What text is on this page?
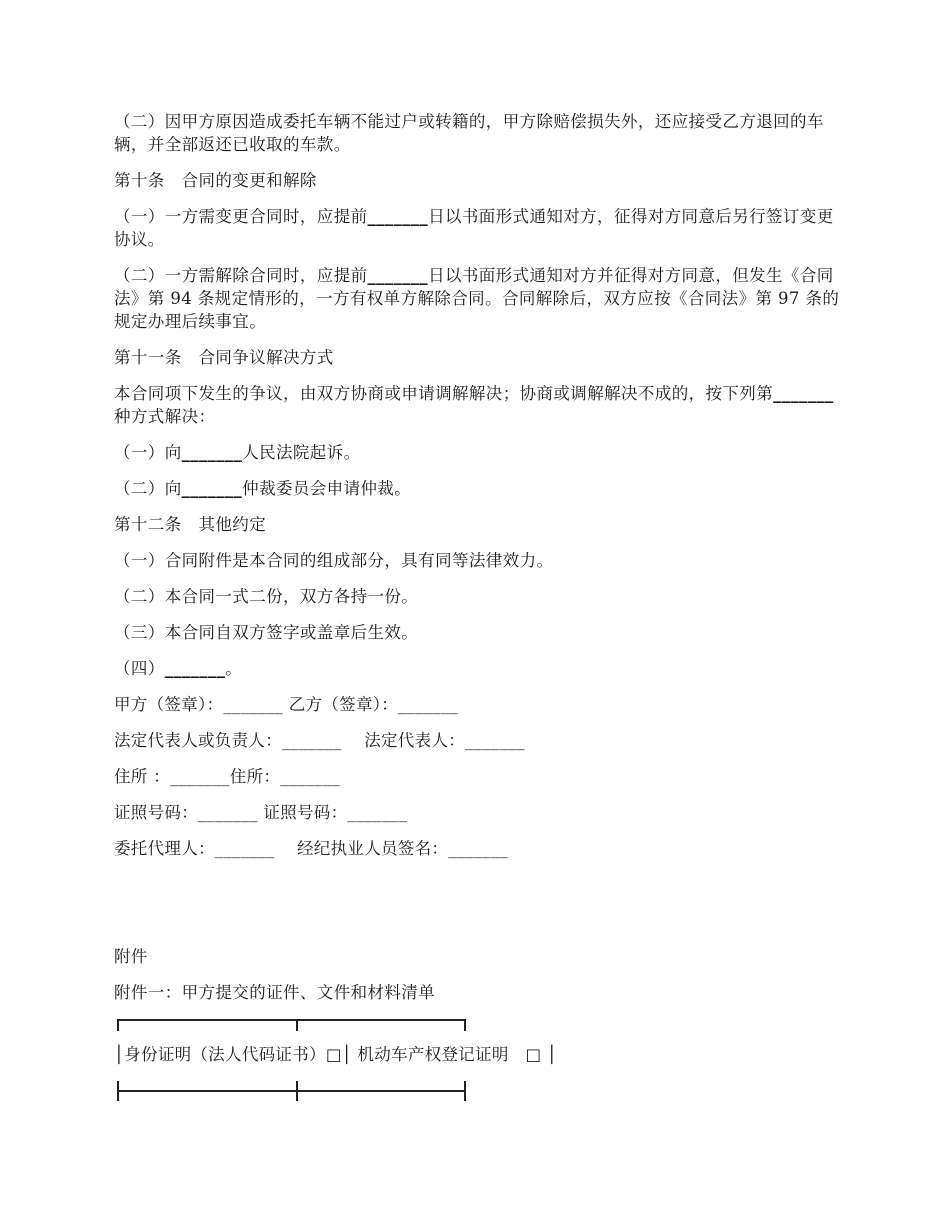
（二）因甲方原因造成委托车辆不能过户或转籍的，甲方除赔偿损失外，还应接受乙方退回的车辆，并全部返还已收取的车款。

第十条　合同的变更和解除

（一）一方需变更合同时，应提前_______日以书面形式通知对方，征得对方同意后另行签订变更协议。

（二）一方需解除合同时，应提前_______日以书面形式通知对方并征得对方同意，但发生《合同法》第 94 条规定情形的，一方有权单方解除合同。合同解除后，双方应按《合同法》第 97 条的规定办理后续事宜。

第十一条　合同争议解决方式

本合同项下发生的争议，由双方协商或申请调解解决；协商或调解解决不成的，按下列第_______种方式解决：

（一）向_______人民法院起诉。

（二）向_______仲裁委员会申请仲裁。

第十二条　其他约定

（一）合同附件是本合同的组成部分，具有同等法律效力。

（二）本合同一式二份，双方各持一份。

（三）本合同自双方签字或盖章后生效。

（四）_______。

甲方（签章）：_______ 乙方（签章）：_______
法定代表人或负责人：_______　 法定代表人：_______
住所 ：_______住所：_______
证照号码：_______ 证照号码：_______
委托代理人：_______　 经纪执业人员签名：_______

附件

附件一：甲方提交的证件、文件和材料清单

│身份证明（法人代码证书）□│ 机动车产权登记证明　□ │
